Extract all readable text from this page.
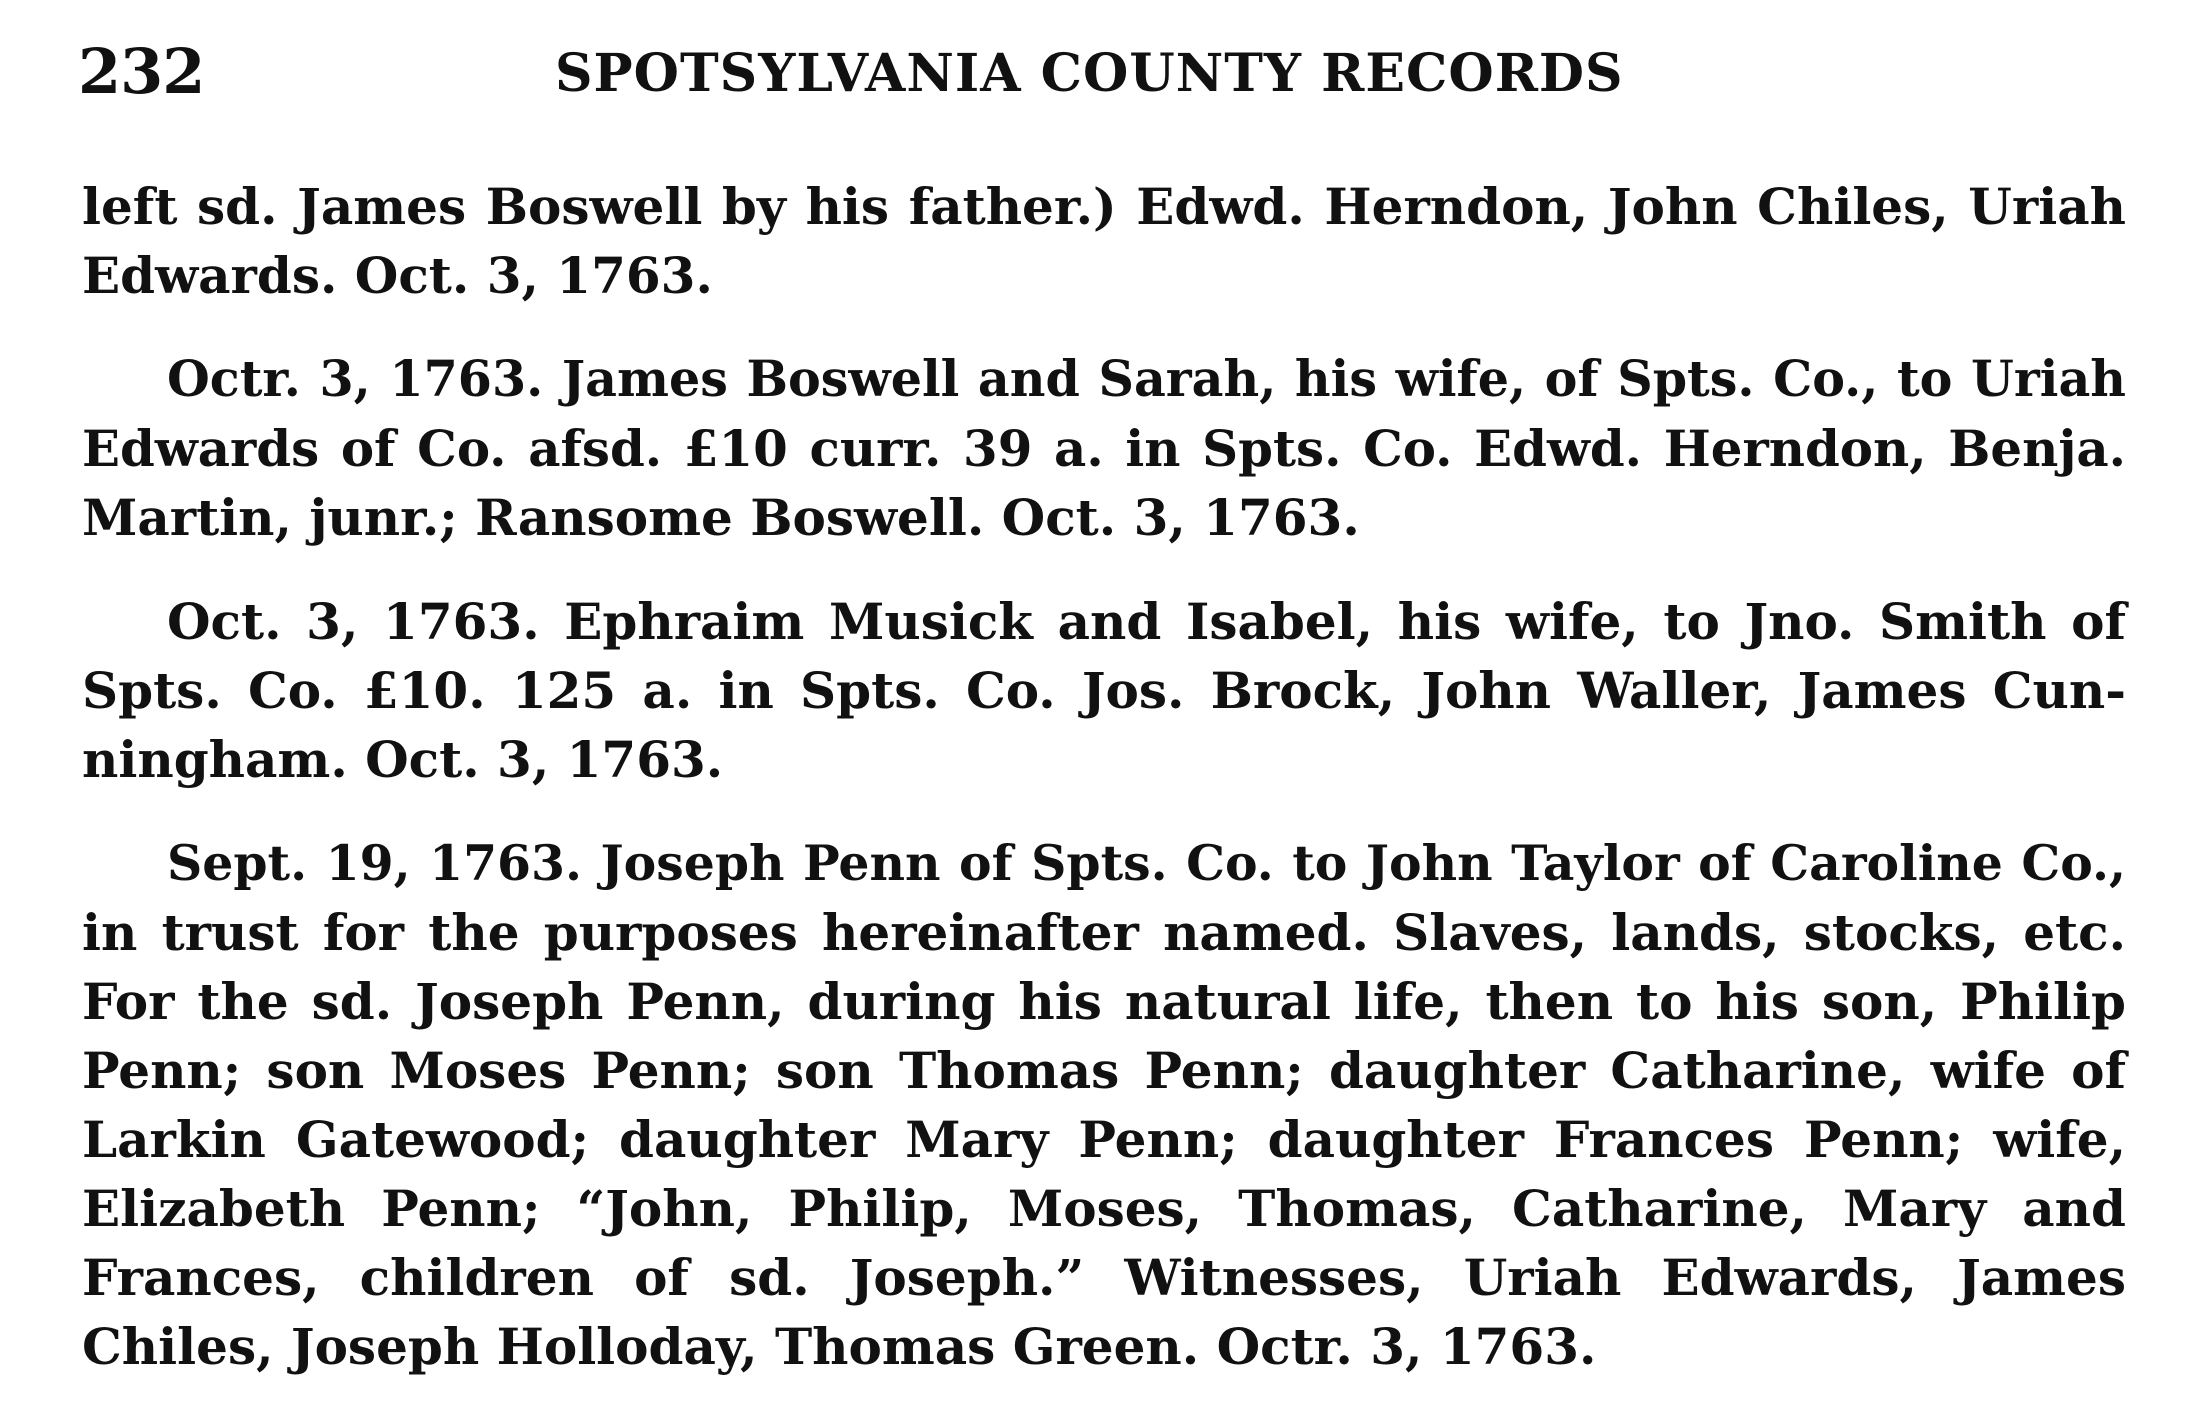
232	SPOTSYLVANIA COUNTY RECORDS
left sd. James Boswell by his father.) Edwd. Herndon, John Chiles, Uriah
Edwards. Oct. 3, 1763.
Octr. 3, 1763. James Boswell and Sarah, his wife, of Spts. Co., to Uriah
Edwards of Co. afsd. £10 curr. 39 a. in Spts. Co. Edwd. Herndon, Benja.
Martin, junr.; Ransome Boswell. Oct. 3, 1763.
Oct. 3, 1763. Ephraim Musick and Isabel, his wife, to Jno. Smith of
Spts. Co. £10. 125 a. in Spts. Co. Jos. Brock, John Waller, James Cun-
ningham. Oct. 3, 1763.
Sept. 19, 1763. Joseph Penn of Spts. Co. to John Taylor of Caroline Co.,
in trust for the purposes hereinafter named. Slaves, lands, stocks, etc.
For the sd. Joseph Penn, during his natural life, then to his son, Philip
Penn; son Moses Penn; son Thomas Penn; daughter Catharine, wife of
Larkin Gatewood; daughter Mary Penn; daughter Frances Penn; wife,
Elizabeth Penn; “John, Philip, Moses, Thomas, Catharine, Mary and
Frances, children of sd. Joseph.” Witnesses, Uriah Edwards, James
Chiles, Joseph Holloday, Thomas Green. Octr. 3, 1763.
